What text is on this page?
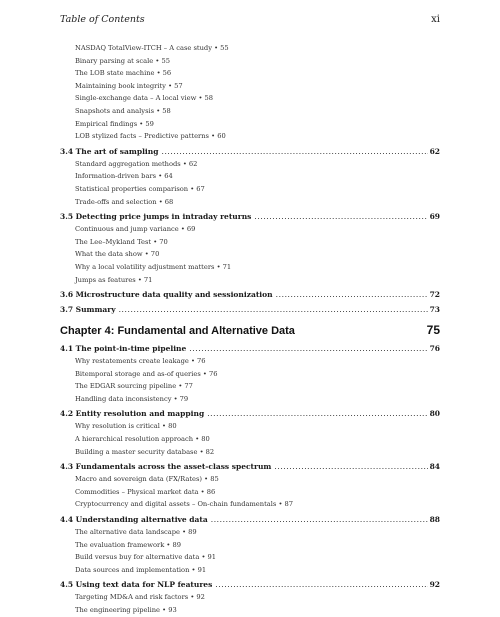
Table of Contents	xi
NASDAQ TotalView-ITCH – A case study • 55
Binary parsing at scale • 55
The LOB state machine • 56
Maintaining book integrity • 57
Single-exchange data – A local view • 58
Snapshots and analysis • 58
Empirical findings • 59
LOB stylized facts – Predictive patterns • 60
3.4 The art of sampling .....	62
Standard aggregation methods • 62
Information-driven bars • 64
Statistical properties comparison • 67
Trade-offs and selection • 68
3.5 Detecting price jumps in intraday returns .....	69
Continuous and jump variance • 69
The Lee–Mykland Test • 70
What the data show • 70
Why a local volatility adjustment matters • 71
Jumps as features • 71
3.6 Microstructure data quality and sessionization .....	72
3.7 Summary .....	73
Chapter 4: Fundamental and Alternative Data	75
4.1 The point-in-time pipeline .....	76
Why restatements create leakage • 76
Bitemporal storage and as-of queries • 76
The EDGAR sourcing pipeline • 77
Handling data inconsistency • 79
4.2 Entity resolution and mapping .....	80
Why resolution is critical • 80
A hierarchical resolution approach • 80
Building a master security database • 82
4.3 Fundamentals across the asset-class spectrum .....	84
Macro and sovereign data (FX/Rates) • 85
Commodities – Physical market data • 86
Cryptocurrency and digital assets – On-chain fundamentals • 87
4.4 Understanding alternative data .....	88
The alternative data landscape • 89
The evaluation framework • 89
Build versus buy for alternative data • 91
Data sources and implementation • 91
4.5 Using text data for NLP features .....	92
Targeting MD&A and risk factors • 92
The engineering pipeline • 93
